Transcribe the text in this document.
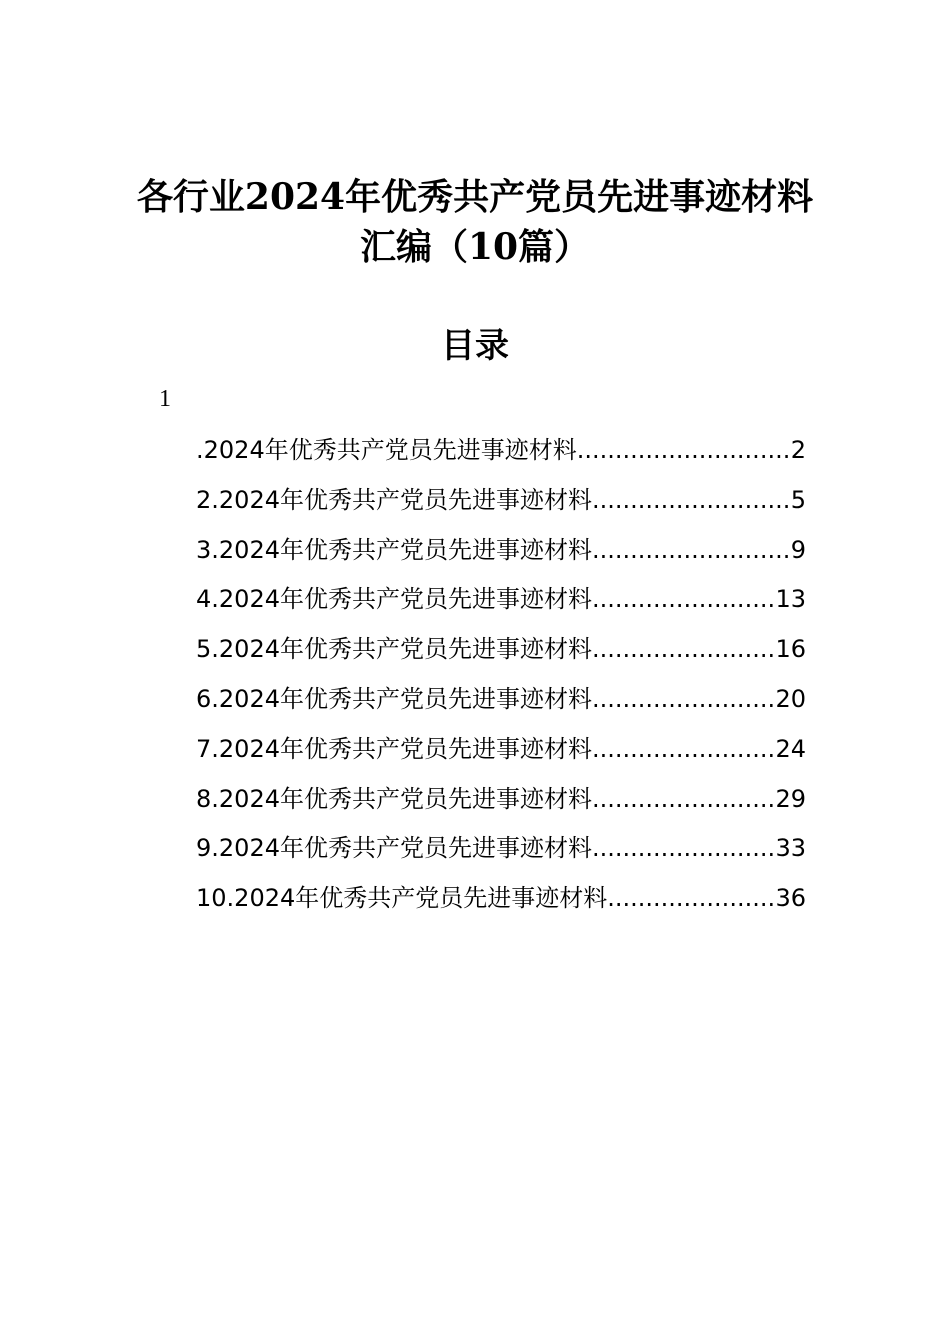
各行业2024年优秀共产党员先进事迹材料
汇编（10篇）
目录
1
.2024年优秀共产党员先进事迹材料 .....	2
2.2024年优秀共产党员先进事迹材料 .....	5
3.2024年优秀共产党员先进事迹材料 .....	9
4.2024年优秀共产党员先进事迹材料 .....	13
5.2024年优秀共产党员先进事迹材料 .....	16
6.2024年优秀共产党员先进事迹材料 .....	20
7.2024年优秀共产党员先进事迹材料 .....	24
8.2024年优秀共产党员先进事迹材料 .....	29
9.2024年优秀共产党员先进事迹材料 .....	33
10.2024年优秀共产党员先进事迹材料 .....	36
